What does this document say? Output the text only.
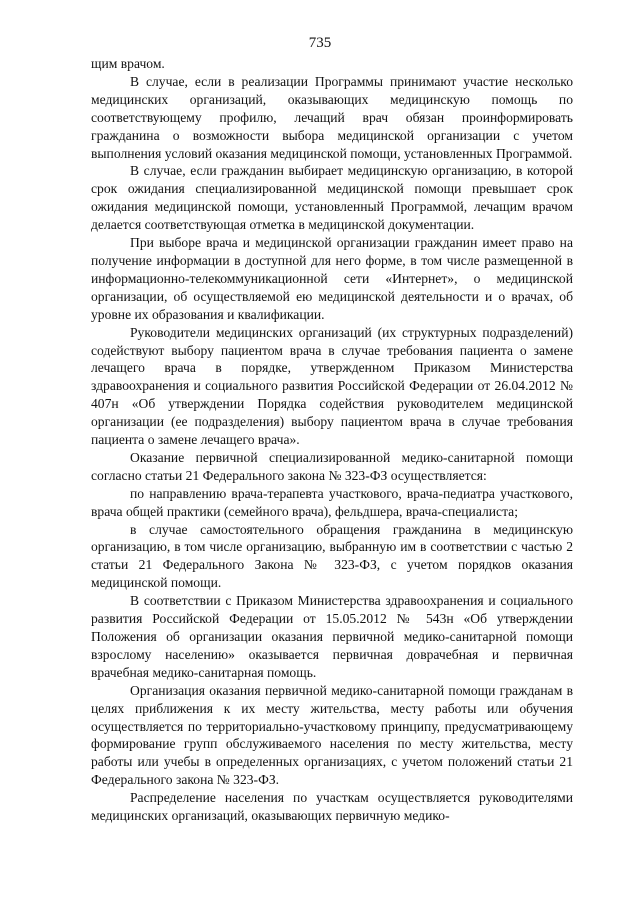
735

щим врачом.

В случае, если в реализации Программы принимают участие несколько медицинских организаций, оказывающих медицинскую помощь по соответствующему профилю, лечащий врач обязан проинформировать гражданина о возможности выбора медицинской организации с учетом выполнения условий оказания медицинской помощи, установленных Программой.

В случае, если гражданин выбирает медицинскую организацию, в которой срок ожидания специализированной медицинской помощи превышает срок ожидания медицинской помощи, установленный Программой, лечащим врачом делается соответствующая отметка в медицинской документации.

При выборе врача и медицинской организации гражданин имеет право на получение информации в доступной для него форме, в том числе размещенной в информационно-телекоммуникационной сети «Интернет», о медицинской организации, об осуществляемой ею медицинской деятельности и о врачах, об уровне их образования и квалификации.

Руководители медицинских организаций (их структурных подразделений) содействуют выбору пациентом врача в случае требования пациента о замене лечащего врача в порядке, утвержденном Приказом Министерства здравоохранения и социального развития Российской Федерации от 26.04.2012 № 407н «Об утверждении Порядка содействия руководителем медицинской организации (ее подразделения) выбору пациентом врача в случае требования пациента о замене лечащего врача».

Оказание первичной специализированной медико-санитарной помощи согласно статьи 21 Федерального закона № 323-ФЗ осуществляется:

по направлению врача-терапевта участкового, врача-педиатра участкового, врача общей практики (семейного врача), фельдшера, врача-специалиста;

в случае самостоятельного обращения гражданина в медицинскую организацию, в том числе организацию, выбранную им в соответствии с частью 2 статьи 21 Федерального Закона № 323-ФЗ, с учетом порядков оказания медицинской помощи.

В соответствии с Приказом Министерства здравоохранения и социального развития Российской Федерации от 15.05.2012 № 543н «Об утверждении Положения об организации оказания первичной медико-санитарной помощи взрослому населению» оказывается первичная доврачебная и первичная врачебная медико-санитарная помощь.

Организация оказания первичной медико-санитарной помощи гражданам в целях приближения к их месту жительства, месту работы или обучения осуществляется по территориально-участковому принципу, предусматривающему формирование групп обслуживаемого населения по месту жительства, месту работы или учебы в определенных организациях, с учетом положений статьи 21 Федерального закона № 323-ФЗ.

Распределение населения по участкам осуществляется руководителями медицинских организаций, оказывающих первичную медико-
